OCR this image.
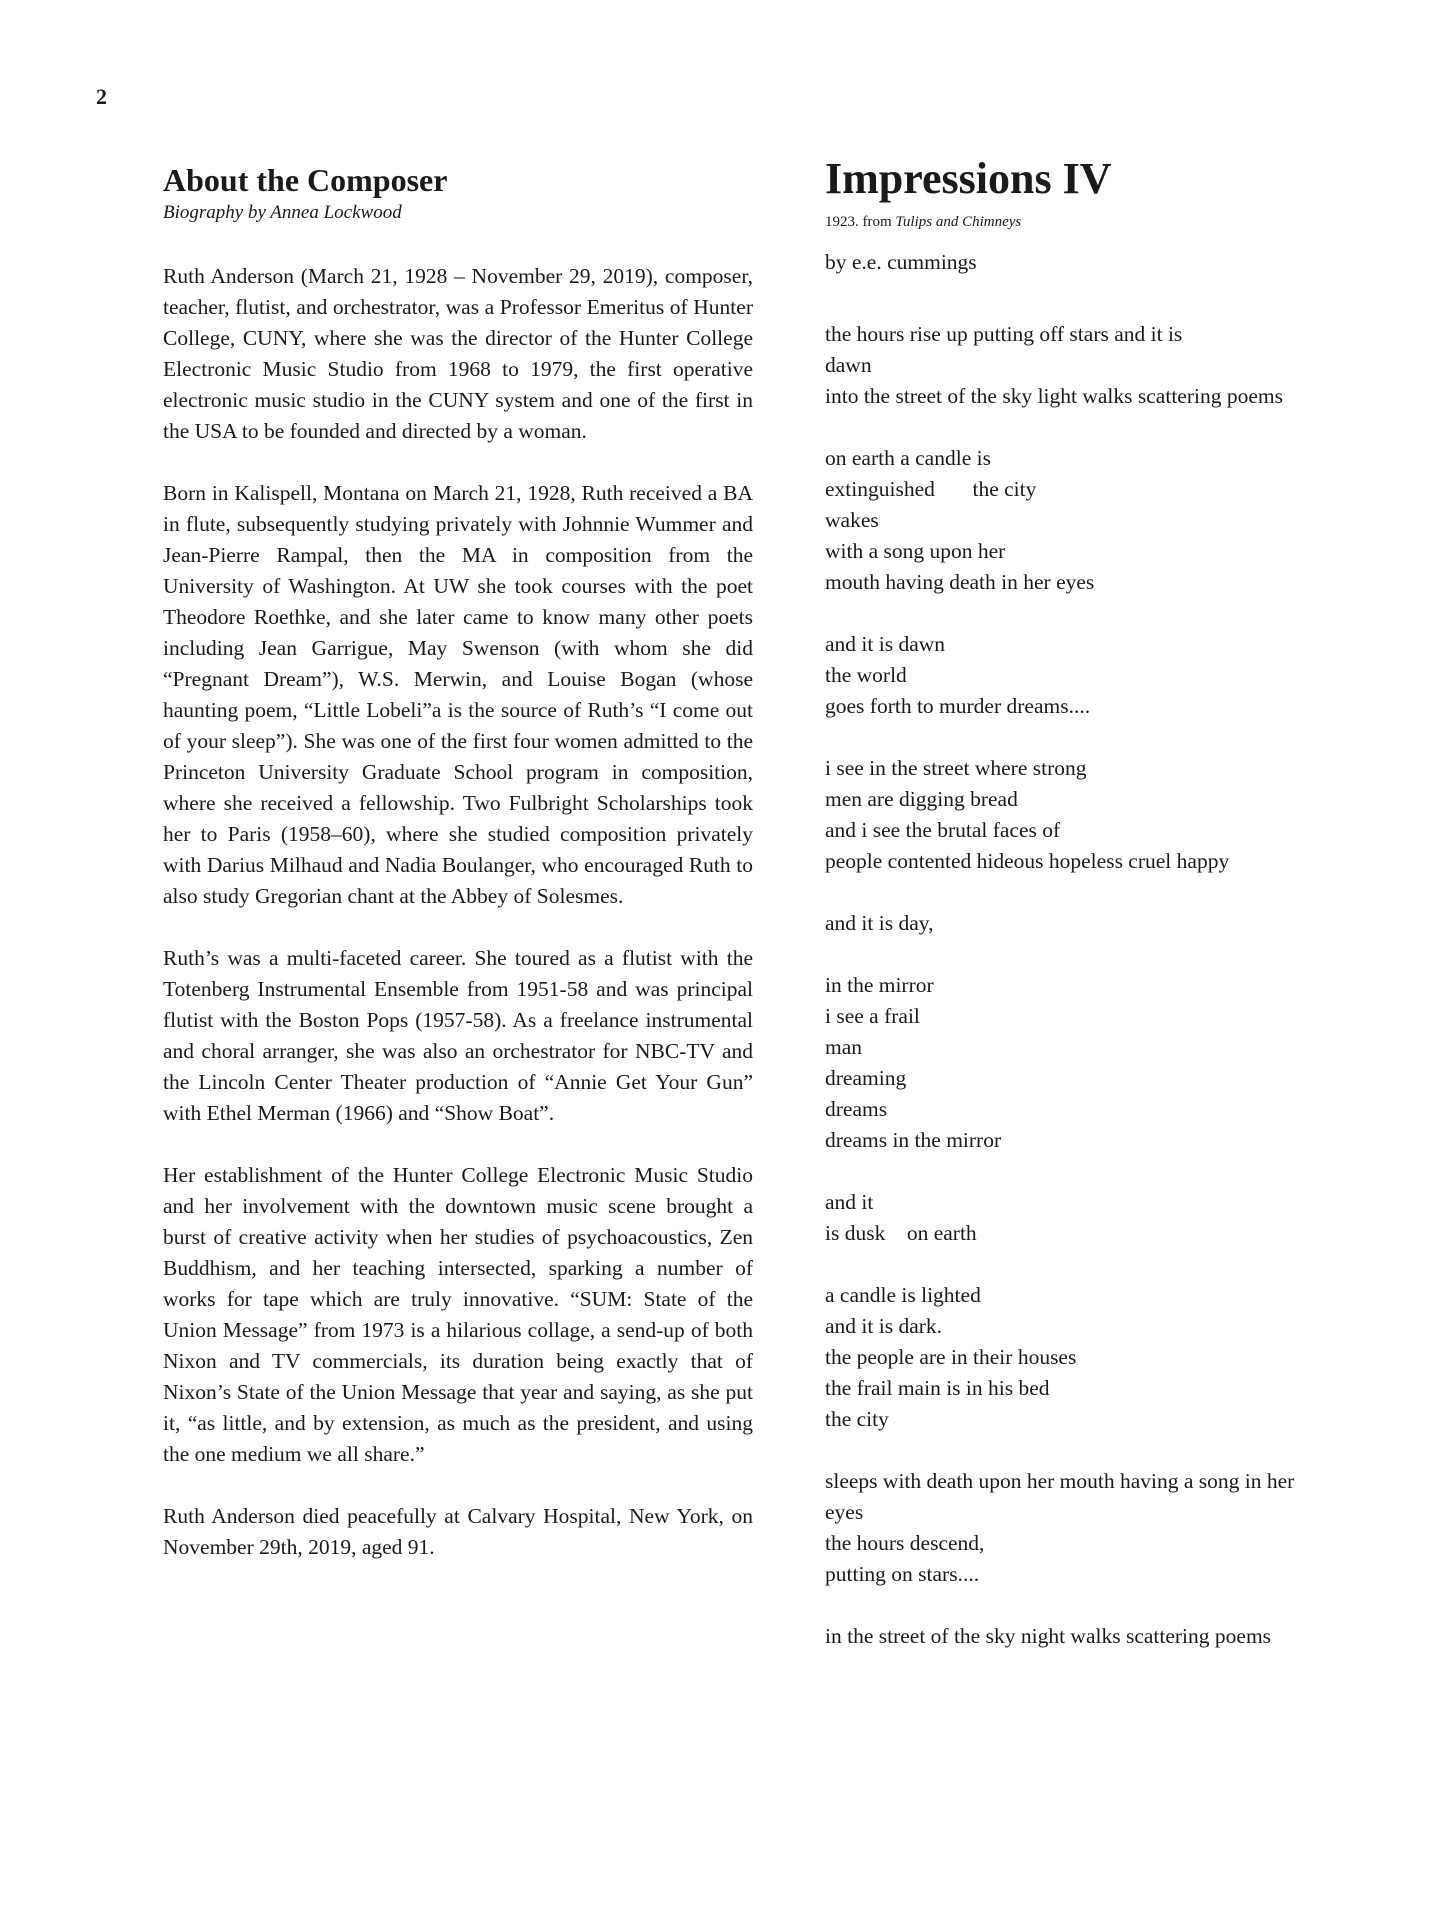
2
About the Composer
Biography by Annea Lockwood

Ruth Anderson (March 21, 1928 – November 29, 2019), composer, teacher, flutist, and orchestrator, was a Professor Emeritus of Hunter College, CUNY, where she was the director of the Hunter College Electronic Music Studio from 1968 to 1979, the first operative electronic music studio in the CUNY system and one of the first in the USA to be founded and directed by a woman.

Born in Kalispell, Montana on March 21, 1928, Ruth received a BA in flute, subsequently studying privately with Johnnie Wummer and Jean-Pierre Rampal, then the MA in composition from the University of Washington. At UW she took courses with the poet Theodore Roethke, and she later came to know many other poets including Jean Garrigue, May Swenson (with whom she did “Pregnant Dream”), W.S. Merwin, and Louise Bogan (whose haunting poem, “Little Lobeli”a is the source of Ruth’s “I come out of your sleep”). She was one of the first four women admitted to the Princeton University Graduate School program in composition, where she received a fellowship. Two Fulbright Scholarships took her to Paris (1958–60), where she studied composition privately with Darius Milhaud and Nadia Boulanger, who encouraged Ruth to also study Gregorian chant at the Abbey of Solesmes.

Ruth’s was a multi-faceted career. She toured as a flutist with the Totenberg Instrumental Ensemble from 1951-58 and was principal flutist with the Boston Pops (1957-58). As a freelance instrumental and choral arranger, she was also an orchestrator for NBC-TV and the Lincoln Center Theater production of “Annie Get Your Gun” with Ethel Merman (1966) and “Show Boat”.

Her establishment of the Hunter College Electronic Music Studio and her involvement with the downtown music scene brought a burst of creative activity when her studies of psychoacoustics, Zen Buddhism, and her teaching intersected, sparking a number of works for tape which are truly innovative. “SUM: State of the Union Message” from 1973 is a hilarious collage, a send-up of both Nixon and TV commercials, its duration being exactly that of Nixon’s State of the Union Message that year and saying, as she put it, “as little, and by extension, as much as the president, and using the one medium we all share.”

Ruth Anderson died peacefully at Calvary Hospital, New York, on November 29th, 2019, aged 91.

Impressions IV
1923. from Tulips and Chimneys
by e.e. cummings
the hours rise up putting off stars and it is
dawn
into the street of the sky light walks scattering poems
on earth a candle is
extinguished       the city
wakes
with a song upon her
mouth having death in her eyes
and it is dawn
the world
goes forth to murder dreams....
i see in the street where strong
men are digging bread
and i see the brutal faces of
people contented hideous hopeless cruel happy
and it is day,
in the mirror
i see a frail
man
dreaming
dreams
dreams in the mirror
and it
is dusk    on earth
a candle is lighted
and it is dark.
the people are in their houses
the frail main is in his bed
the city
sleeps with death upon her mouth having a song in her
eyes
the hours descend,
putting on stars....
in the street of the sky night walks scattering poems
